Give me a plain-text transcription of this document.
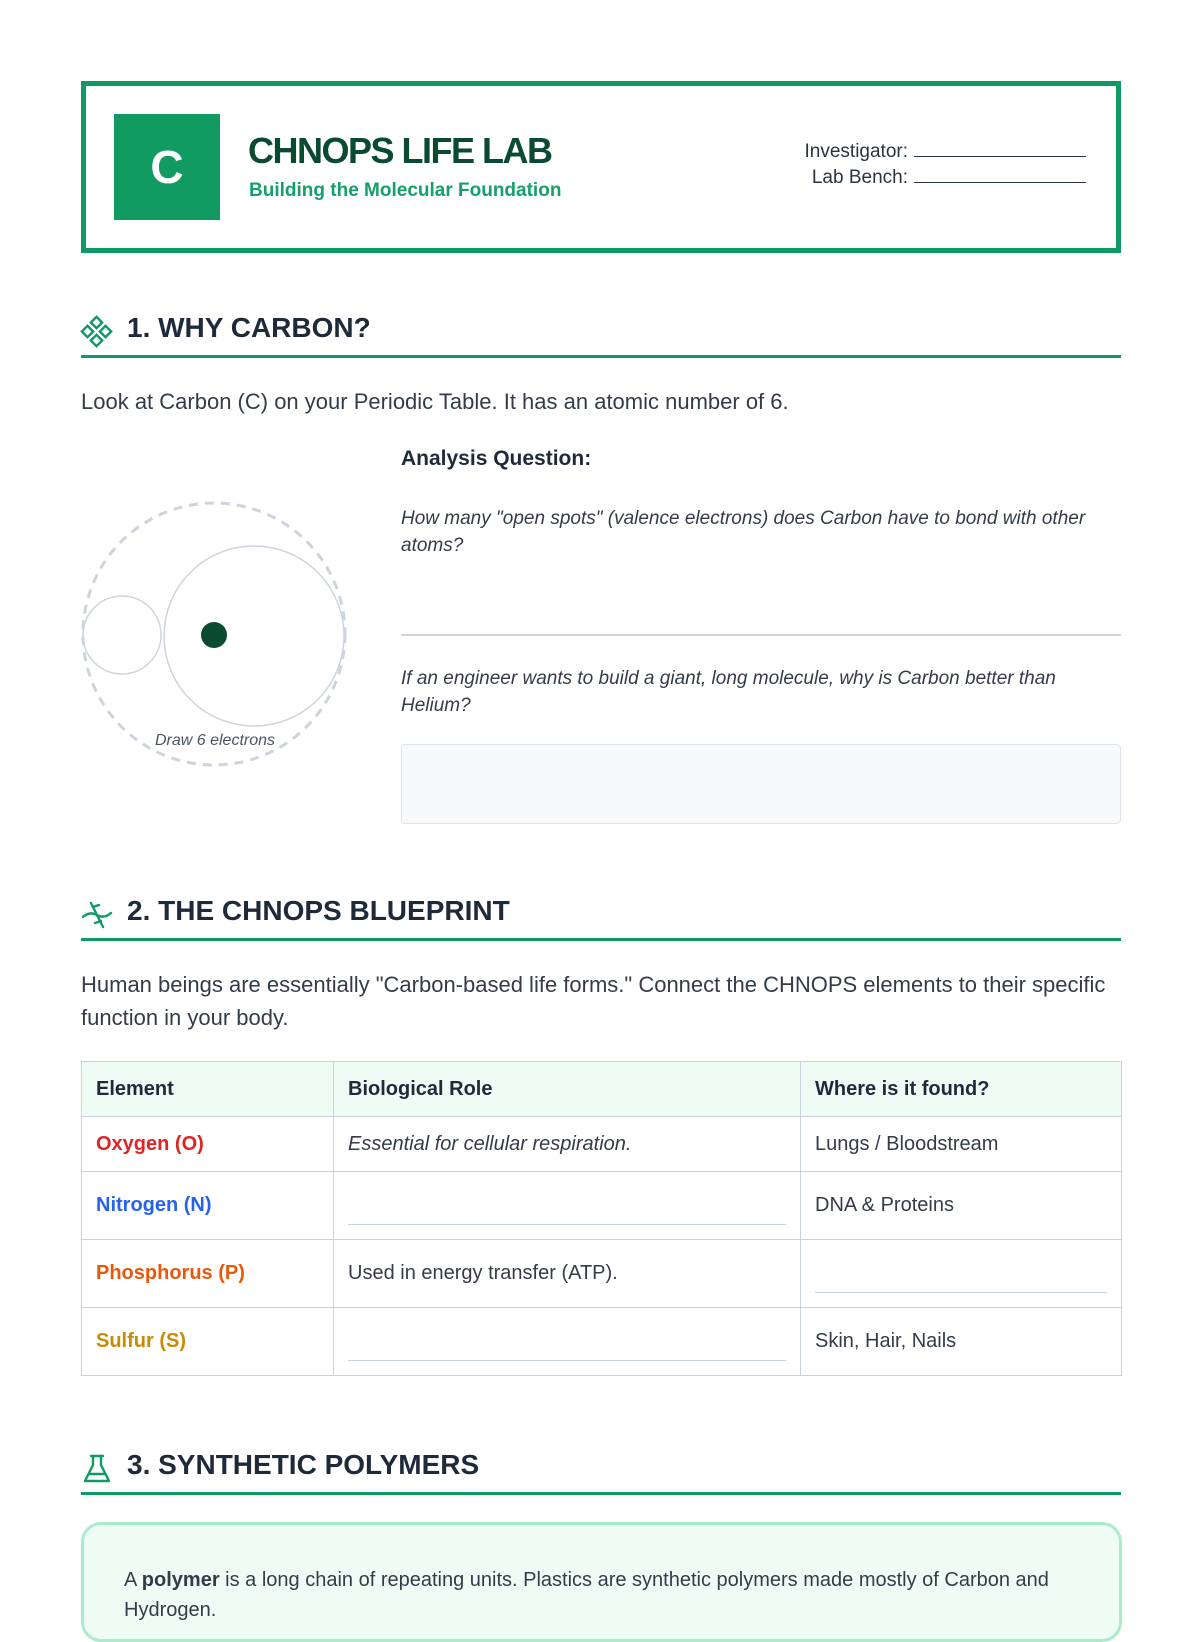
C	CHNOPS LIFE LAB
Building the Molecular Foundation
Investigator:
Lab Bench:
1. WHY CARBON?
Look at Carbon (C) on your Periodic Table. It has an atomic number of 6.
Draw 6 electrons
Analysis Question:
How many "open spots" (valence electrons) does Carbon have to bond with other atoms?
If an engineer wants to build a giant, long molecule, why is Carbon better than Helium?
2. THE CHNOPS BLUEPRINT
Human beings are essentially "Carbon-based life forms." Connect the CHNOPS elements to their specific function in your body.
Element	Biological Role	Where is it found?
Oxygen (O)	Essential for cellular respiration.	Lungs / Bloodstream
Nitrogen (N)		DNA & Proteins
Phosphorus (P)	Used in energy transfer (ATP).	

Sulfur (S)		Skin, Hair, Nails
3. SYNTHETIC POLYMERS

A polymer is a long chain of repeating units. Plastics are synthetic polymers made mostly of Carbon and Hydrogen.
